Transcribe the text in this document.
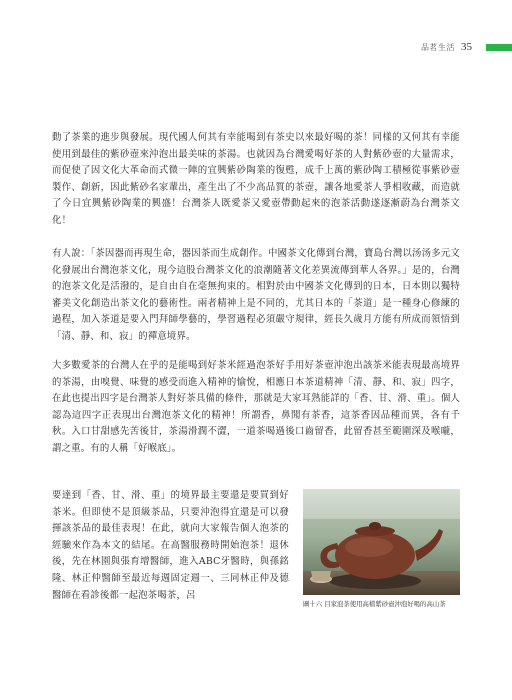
品茗生活 35

動了茶業的進步與發展。現代國人何其有幸能喝到有茶史以來最好喝的茶！同樣的又何其有幸能使用到最佳的紫砂壺來沖泡出最美味的茶湯。也就因為台灣愛喝好茶的人對紫砂壺的大量需求，而促使了因文化大革命而式微一陣的宜興紫砂陶業的復甦，成千上萬的紫砂陶工積極從事紫砂壺製作、創新，因此紫砂名家輩出，產生出了不少高品質的茶壺，讓各地愛茶人爭相收藏，而造就了今日宜興紫砂陶業的興盛！台灣茶人既愛茶又愛壺帶動起來的泡茶活動遂逐漸蔚為台灣茶文化！

有人說：「茶因器而再現生命，器因茶而生成創作。中國茶文化傳到台灣，寶島台灣以汤汤多元文化發展出台灣泡茶文化，現今這股台灣茶文化的浪潮隨著文化差異流傳到華人各界。」是的，台灣的泡茶文化是活潑的，是自由自在毫無拘束的。相對於由中國茶文化傳到的日本，日本則以獨特審美文化創造出茶文化的藝術性。兩者精神上是不同的，尤其日本的「茶道」是一種身心修練的過程，加入茶道是要入門拜師學藝的，學習過程必須嚴守規律，經長久歲月方能有所成而領悟到「清、靜、和、寂」的禪意境界。

大多數愛茶的台灣人在乎的是能喝到好茶米經過泡茶好手用好茶壺沖泡出該茶米能表現最高境界的茶湯，由嗅覺、味覺的感受而進入精神的愉悅，相應日本茶道精神「清、靜、和、寂」四字，在此也提出四字是台灣茶人對好茶具備的條件，那就是大家耳熟能詳的「香、甘、滑、重」。個人認為這四字正表現出台灣泡茶文化的精神！所謂香，鼻聞有茶香，這茶香因品種而異，各有千秋。入口甘甜感先苦後甘，茶湯滑潤不澀，一道茶喝過後口齒留香，此留香甚至範圍深及喉嚨，謂之重。有的人稱「好喉底」。

要達到「香、甘、滑、重」的境界最主要還是要買到好茶米。但即使不是頂級茶品，只要沖泡得宜還是可以發揮該茶品的最佳表現！在此，就向大家報告個人泡茶的經驗來作為本文的結尾。在高醫服務時開始泡茶！退休後，先在林園與張育增醫師，進入ABC牙醫時，與孫銘隆、林正仲醫師至最近每週固定週一、三同林正仲及德醫師在看診後都一起泡茶喝茶，呂

圖十六 目家泡茶使用高檔紫砂壺沖泡好喝的高山茶
